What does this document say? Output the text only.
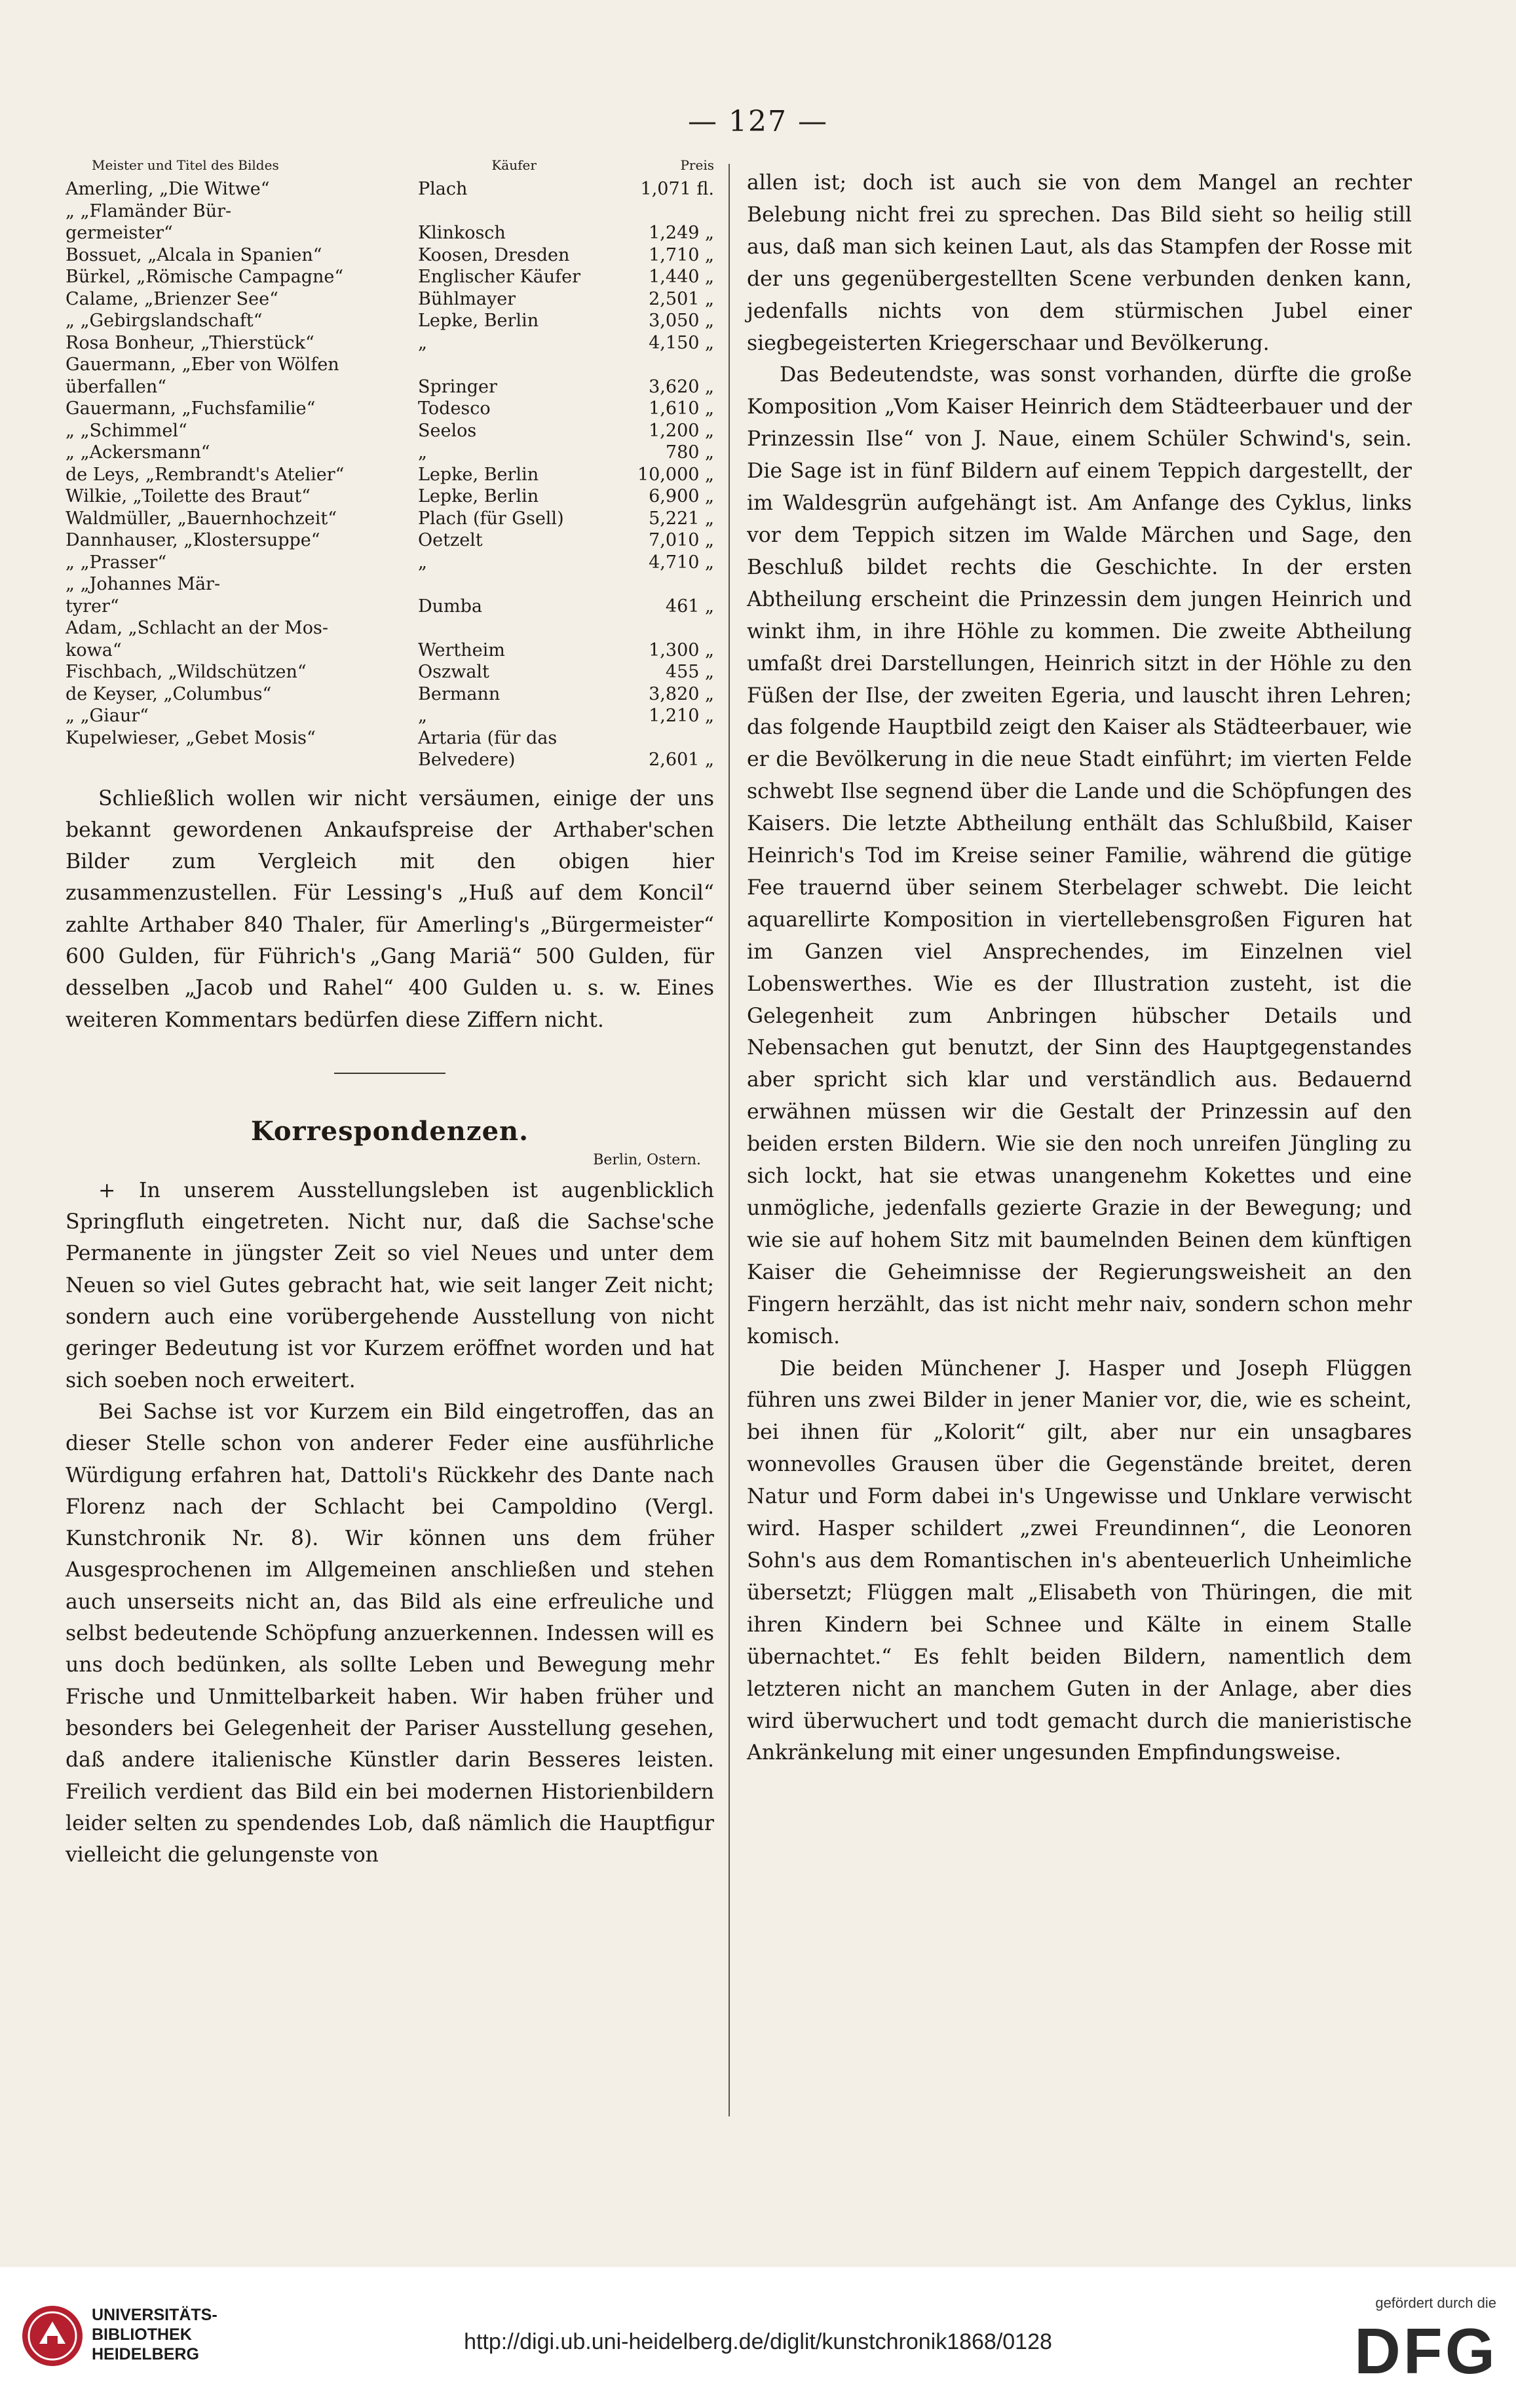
— 127 —
Meister und Titel des Bildes	Käufer	Preis
Amerling, „Die Witwe“	Plach	1,071 fl.
„ „Flamänder Bür-
germeister“	Klinkosch	1,249 „
Bossuet, „Alcala in Spanien“	Koosen, Dresden	1,710 „
Bürkel, „Römische Campagne“	Englischer Käufer	1,440 „
Calame, „Brienzer See“	Bühlmayer	2,501 „
„ „Gebirgslandschaft“	Lepke, Berlin	3,050 „
Rosa Bonheur, „Thierstück“	„	4,150 „
Gauermann, „Eber von Wölfen
überfallen“	Springer	3,620 „
Gauermann, „Fuchsfamilie“	Todesco	1,610 „
„ „Schimmel“	Seelos	1,200 „
„ „Ackersmann“	„	780 „
de Leys, „Rembrandt's Atelier“	Lepke, Berlin	10,000 „
Wilkie, „Toilette des Braut“	Lepke, Berlin	6,900 „
Waldmüller, „Bauernhochzeit“	Plach (für Gsell)	5,221 „
Dannhauser, „Klostersuppe“	Oetzelt	7,010 „
„ „Prasser“	„	4,710 „
„ „Johannes Mär-
tyrer“	Dumba	461 „
Adam, „Schlacht an der Mos-
kowa“	Wertheim	1,300 „
Fischbach, „Wildschützen“	Oszwalt	455 „
de Keyser, „Columbus“	Bermann	3,820 „
„ „Giaur“	„	1,210 „
Kupelwieser, „Gebet Mosis“	Artaria (für das
Belvedere)	2,601 „

Schließlich wollen wir nicht versäumen, einige der uns bekannt gewordenen Ankaufspreise der Arthaber'schen Bilder zum Vergleich mit den obigen hier zusammenzustellen. Für Lessing's „Huß auf dem Koncil“ zahlte Arthaber 840 Thaler, für Amerling's „Bürgermeister“ 600 Gulden, für Führich's „Gang Mariä“ 500 Gulden, für desselben „Jacob und Rahel“ 400 Gulden u. s. w. Eines weiteren Kommentars bedürfen diese Ziffern nicht.

Korrespondenzen.
Berlin, Ostern.

+ In unserem Ausstellungsleben ist augenblicklich Springfluth eingetreten. Nicht nur, daß die Sachse'sche Permanente in jüngster Zeit so viel Neues und unter dem Neuen so viel Gutes gebracht hat, wie seit langer Zeit nicht; sondern auch eine vorübergehende Ausstellung von nicht geringer Bedeutung ist vor Kurzem eröffnet worden und hat sich soeben noch erweitert.

Bei Sachse ist vor Kurzem ein Bild eingetroffen, das an dieser Stelle schon von anderer Feder eine ausführliche Würdigung erfahren hat, Dattoli's Rückkehr des Dante nach Florenz nach der Schlacht bei Campoldino (Vergl. Kunstchronik Nr. 8). Wir können uns dem früher Ausgesprochenen im Allgemeinen anschließen und stehen auch unserseits nicht an, das Bild als eine erfreuliche und selbst bedeutende Schöpfung anzuerkennen. Indessen will es uns doch bedünken, als sollte Leben und Bewegung mehr Frische und Unmittelbarkeit haben. Wir haben früher und besonders bei Gelegenheit der Pariser Ausstellung gesehen, daß andere italienische Künstler darin Besseres leisten. Freilich verdient das Bild ein bei modernen Historienbildern leider selten zu spendendes Lob, daß nämlich die Hauptfigur vielleicht die gelungenste von

allen ist; doch ist auch sie von dem Mangel an rechter Belebung nicht frei zu sprechen. Das Bild sieht so heilig still aus, daß man sich keinen Laut, als das Stampfen der Rosse mit der uns gegenübergestellten Scene verbunden denken kann, jedenfalls nichts von dem stürmischen Jubel einer siegbegeisterten Kriegerschaar und Bevölkerung.

Das Bedeutendste, was sonst vorhanden, dürfte die große Komposition „Vom Kaiser Heinrich dem Städteerbauer und der Prinzessin Ilse“ von J. Naue, einem Schüler Schwind's, sein. Die Sage ist in fünf Bildern auf einem Teppich dargestellt, der im Waldesgrün aufgehängt ist. Am Anfange des Cyklus, links vor dem Teppich sitzen im Walde Märchen und Sage, den Beschluß bildet rechts die Geschichte. In der ersten Abtheilung erscheint die Prinzessin dem jungen Heinrich und winkt ihm, in ihre Höhle zu kommen. Die zweite Abtheilung umfaßt drei Darstellungen, Heinrich sitzt in der Höhle zu den Füßen der Ilse, der zweiten Egeria, und lauscht ihren Lehren; das folgende Hauptbild zeigt den Kaiser als Städteerbauer, wie er die Bevölkerung in die neue Stadt einführt; im vierten Felde schwebt Ilse segnend über die Lande und die Schöpfungen des Kaisers. Die letzte Abtheilung enthält das Schlußbild, Kaiser Heinrich's Tod im Kreise seiner Familie, während die gütige Fee trauernd über seinem Sterbelager schwebt. Die leicht aquarellirte Komposition in viertellebensgroßen Figuren hat im Ganzen viel Ansprechendes, im Einzelnen viel Lobenswerthes. Wie es der Illustration zusteht, ist die Gelegenheit zum Anbringen hübscher Details und Nebensachen gut benutzt, der Sinn des Hauptgegenstandes aber spricht sich klar und verständlich aus. Bedauernd erwähnen müssen wir die Gestalt der Prinzessin auf den beiden ersten Bildern. Wie sie den noch unreifen Jüngling zu sich lockt, hat sie etwas unangenehm Kokettes und eine unmögliche, jedenfalls gezierte Grazie in der Bewegung; und wie sie auf hohem Sitz mit baumelnden Beinen dem künftigen Kaiser die Geheimnisse der Regierungsweisheit an den Fingern herzählt, das ist nicht mehr naiv, sondern schon mehr komisch.

Die beiden Münchener J. Hasper und Joseph Flüggen führen uns zwei Bilder in jener Manier vor, die, wie es scheint, bei ihnen für „Kolorit“ gilt, aber nur ein unsagbares wonnevolles Grausen über die Gegenstände breitet, deren Natur und Form dabei in's Ungewisse und Unklare verwischt wird. Hasper schildert „zwei Freundinnen“, die Leonoren Sohn's aus dem Romantischen in's abenteuerlich Unheimliche übersetzt; Flüggen malt „Elisabeth von Thüringen, die mit ihren Kindern bei Schnee und Kälte in einem Stalle übernachtet.“ Es fehlt beiden Bildern, namentlich dem letzteren nicht an manchem Guten in der Anlage, aber dies wird überwuchert und todt gemacht durch die manieristische Ankränkelung mit einer ungesunden Empfindungsweise.

UNIVERSITÄTS-
BIBLIOTHEK
HEIDELBERG	http://digi.ub.uni-heidelberg.de/diglit/kunstchronik1868/0128
gefördert durch die
DFG
